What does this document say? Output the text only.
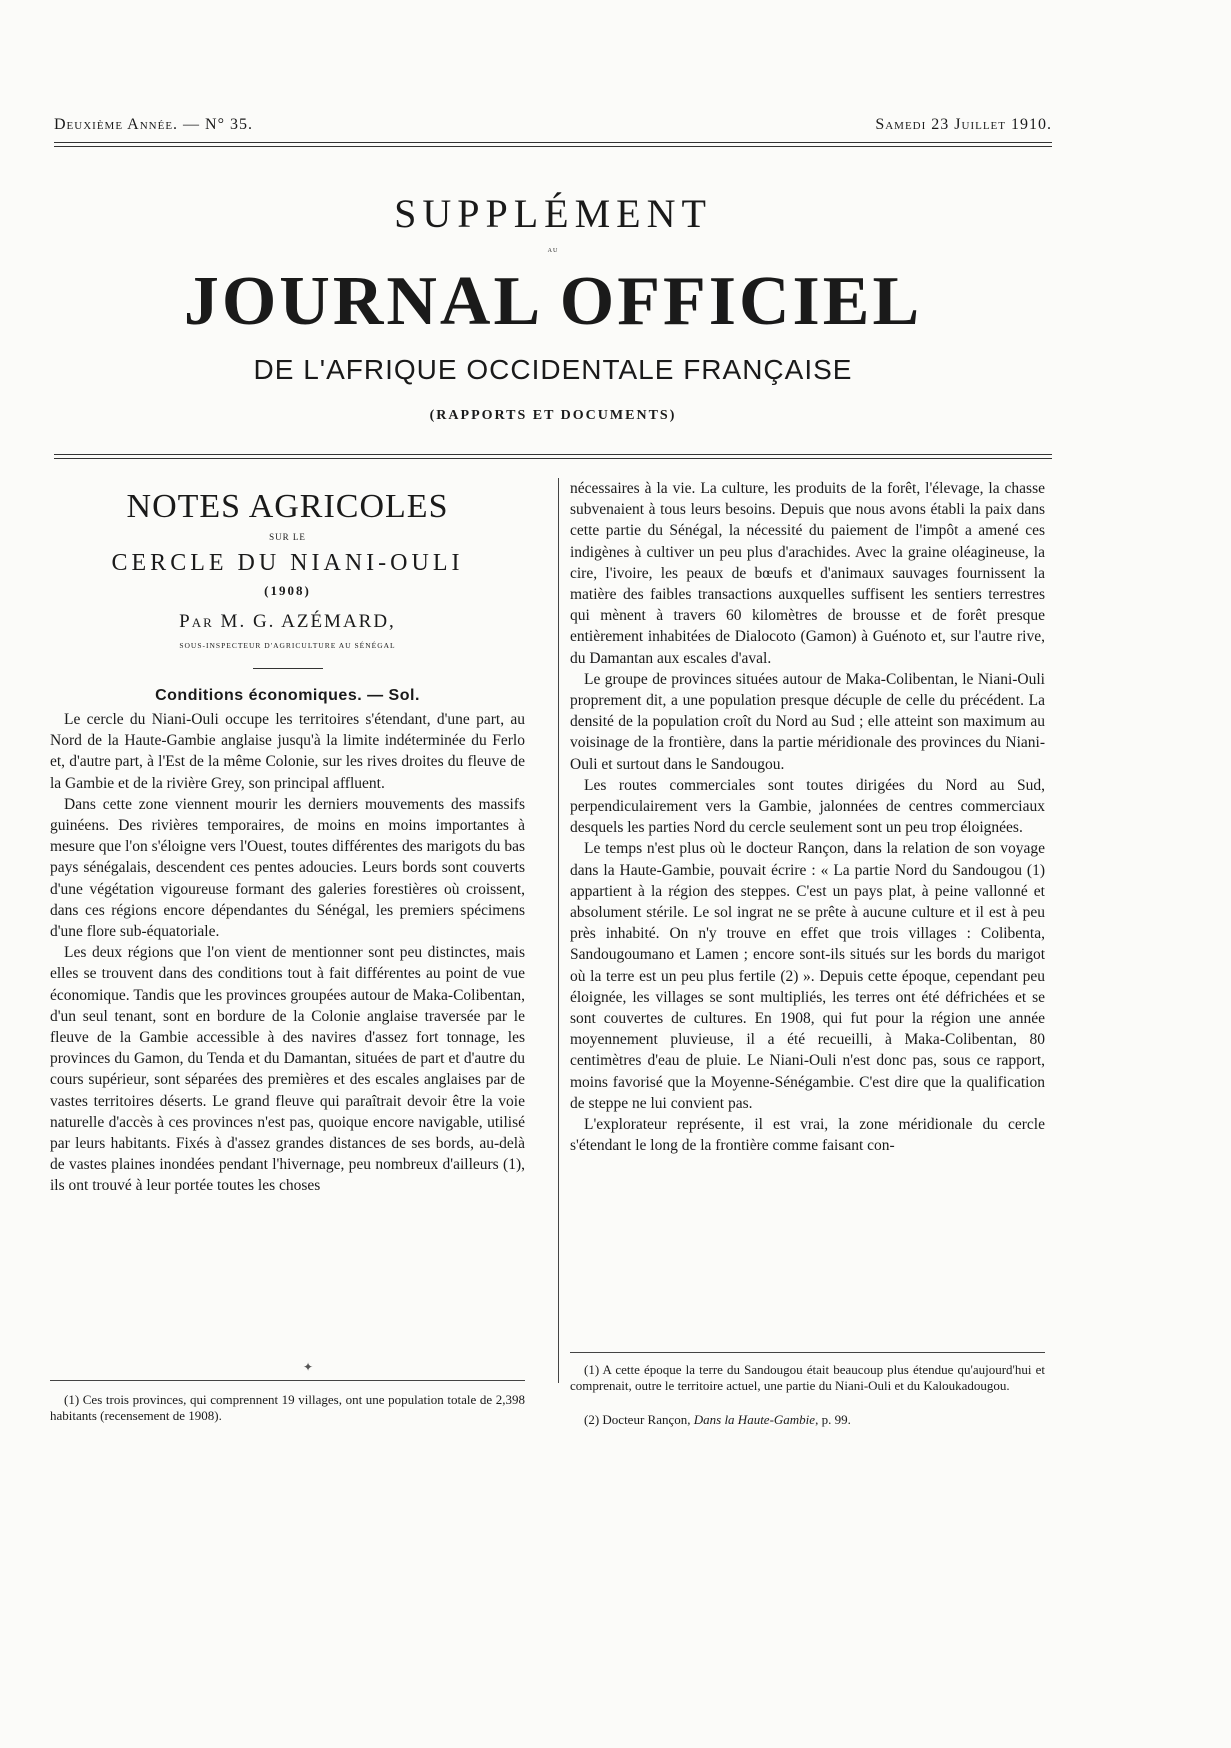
Deuxième Année. — N° 35.	Samedi 23 Juillet 1910.
SUPPLÉMENT
au
JOURNAL OFFICIEL
DE L'AFRIQUE OCCIDENTALE FRANÇAISE
(RAPPORTS ET DOCUMENTS)
NOTES AGRICOLES
SUR LE
CERCLE DU NIANI-OULI
(1908)
Par M. G. AZÉMARD,
SOUS-INSPECTEUR D'AGRICULTURE AU SÉNÉGAL
Conditions économiques. — Sol.

Le cercle du Niani-Ouli occupe les territoires s'étendant, d'une part, au Nord de la Haute-Gambie anglaise jusqu'à la limite indéterminée du Ferlo et, d'autre part, à l'Est de la même Colonie, sur les rives droites du fleuve de la Gambie et de la rivière Grey, son principal affluent.

Dans cette zone viennent mourir les derniers mouvements des massifs guinéens. Des rivières temporaires, de moins en moins importantes à mesure que l'on s'éloigne vers l'Ouest, toutes différentes des marigots du bas pays sénégalais, descendent ces pentes adoucies. Leurs bords sont couverts d'une végétation vigoureuse formant des galeries forestières où croissent, dans ces régions encore dépendantes du Sénégal, les premiers spécimens d'une flore sub-équatoriale.

Les deux régions que l'on vient de mentionner sont peu distinctes, mais elles se trouvent dans des conditions tout à fait différentes au point de vue économique. Tandis que les provinces groupées autour de Maka-Colibentan, d'un seul tenant, sont en bordure de la Colonie anglaise traversée par le fleuve de la Gambie accessible à des navires d'assez fort tonnage, les provinces du Gamon, du Tenda et du Damantan, situées de part et d'autre du cours supérieur, sont séparées des premières et des escales anglaises par de vastes territoires déserts. Le grand fleuve qui paraîtrait devoir être la voie naturelle d'accès à ces provinces n'est pas, quoique encore navigable, utilisé par leurs habitants. Fixés à d'assez grandes distances de ses bords, au-delà de vastes plaines inondées pendant l'hivernage, peu nombreux d'ailleurs (1), ils ont trouvé à leur portée toutes les choses

nécessaires à la vie. La culture, les produits de la forêt, l'élevage, la chasse subvenaient à tous leurs besoins. Depuis que nous avons établi la paix dans cette partie du Sénégal, la nécessité du paiement de l'impôt a amené ces indigènes à cultiver un peu plus d'arachides. Avec la graine oléagineuse, la cire, l'ivoire, les peaux de bœufs et d'animaux sauvages fournissent la matière des faibles transactions auxquelles suffisent les sentiers terrestres qui mènent à travers 60 kilomètres de brousse et de forêt presque entièrement inhabitées de Dialocoto (Gamon) à Guénoto et, sur l'autre rive, du Damantan aux escales d'aval.

Le groupe de provinces situées autour de Maka-Colibentan, le Niani-Ouli proprement dit, a une population presque décuple de celle du précédent. La densité de la population croît du Nord au Sud ; elle atteint son maximum au voisinage de la frontière, dans la partie méridionale des provinces du Niani-Ouli et surtout dans le Sandougou.

Les routes commerciales sont toutes dirigées du Nord au Sud, perpendiculairement vers la Gambie, jalonnées de centres commerciaux desquels les parties Nord du cercle seulement sont un peu trop éloignées.

Le temps n'est plus où le docteur Rançon, dans la relation de son voyage dans la Haute-Gambie, pouvait écrire : « La partie Nord du Sandougou (1) appartient à la région des steppes. C'est un pays plat, à peine vallonné et absolument stérile. Le sol ingrat ne se prête à aucune culture et il est à peu près inhabité. On n'y trouve en effet que trois villages : Colibenta, Sandougoumano et Lamen ; encore sont-ils situés sur les bords du marigot où la terre est un peu plus fertile (2) ». Depuis cette époque, cependant peu éloignée, les villages se sont multipliés, les terres ont été défrichées et se sont couvertes de cultures. En 1908, qui fut pour la région une année moyennement pluvieuse, il a été recueilli, à Maka-Colibentan, 80 centimètres d'eau de pluie. Le Niani-Ouli n'est donc pas, sous ce rapport, moins favorisé que la Moyenne-Sénégambie. C'est dire que la qualification de steppe ne lui convient pas.

L'explorateur représente, il est vrai, la zone méridionale du cercle s'étendant le long de la frontière comme faisant con-

✦

(1) Ces trois provinces, qui comprennent 19 villages, ont une population totale de 2,398 habitants (recensement de 1908).

(1) A cette époque la terre du Sandougou était beaucoup plus étendue qu'aujourd'hui et comprenait, outre le territoire actuel, une partie du Niani-Ouli et du Kaloukadougou.

(2) Docteur Rançon, Dans la Haute-Gambie, p. 99.
